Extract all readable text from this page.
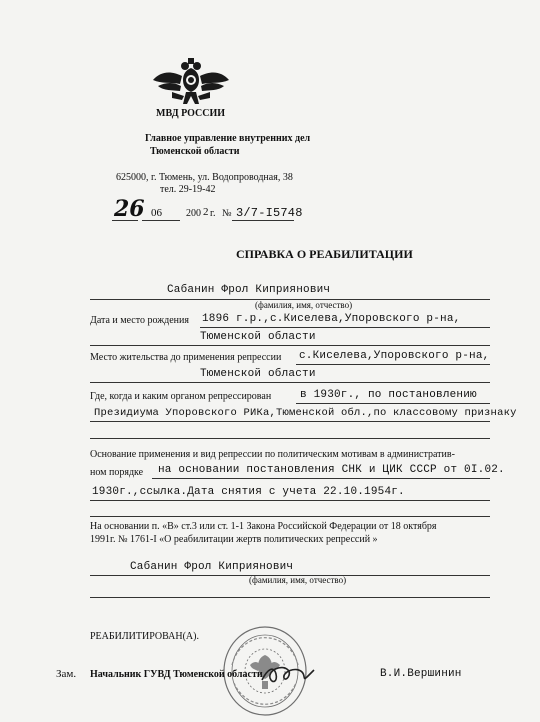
МВД РОССИИ
Главное управление внутренних дел
Тюменской области
625000, г. Тюмень, ул. Водопроводная, 38
тел. 29-19-42
26 06 200 2 г. № 3/7-I5748
СПРАВКА О РЕАБИЛИТАЦИИ
Сабанин Фрол Киприянович
(фамилия, имя, отчество)
Дата и место рождения 1896 г.р.,с.Киселева,Упоровского р-на,
Тюменской области
Место жительства до применения репрессии с.Киселева,Упоровского р-на,
Тюменской области
Где, когда и каким органом репрессирован	в 1930г., по постановлению
Президиума Упоровского РИКа,Тюменской обл.,по классовому признаку
Основание применения и вид репрессии по политическим мотивам в административ-
ном порядке на основании постановления СНК и ЦИК СССР от 0I.02.
1930г.,ссылка.Дата снятия с учета 22.10.1954г.
На основании п. «В» ст.3 или ст. 1-1 Закона Российской Федерации от 18 октября
1991г. № 1761-I «О реабилитации жертв политических репрессий »
Сабанин Фрол Киприянович
(фамилия, имя, отчество)
РЕАБИЛИТИРОВАН(А).
Зам. Начальник ГУВД Тюменской области	В.И.Вершинин
